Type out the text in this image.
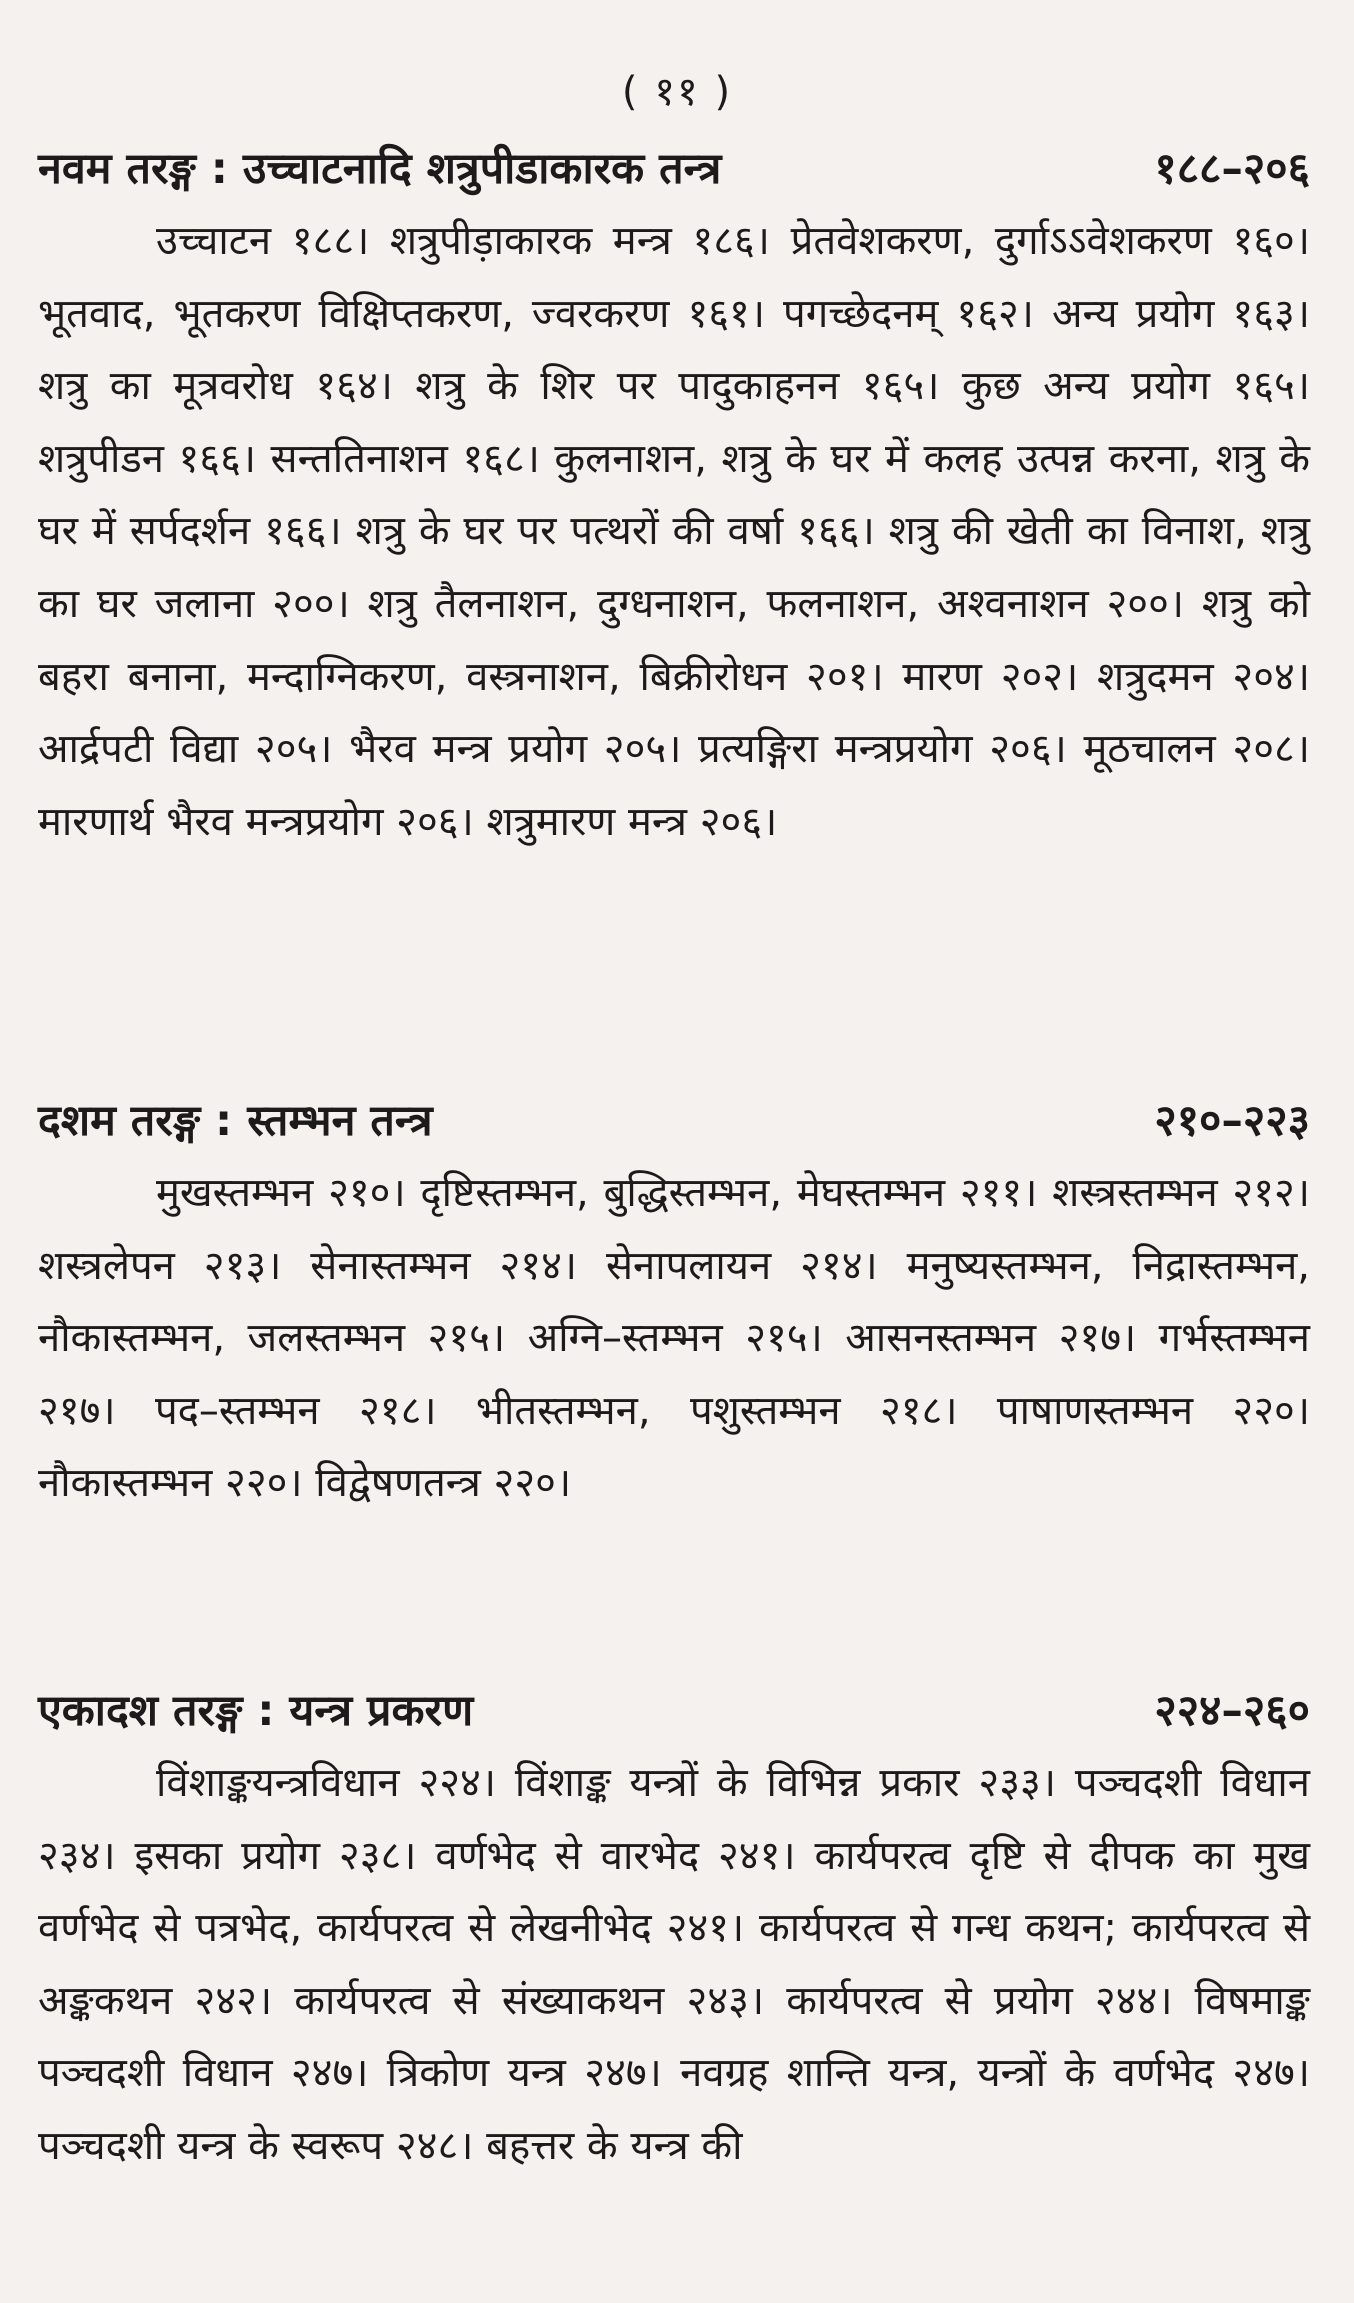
( ११ )
नवम तरङ्ग : उच्चाटनादि शत्रुपीडाकारक तन्त्र	१८८–२०६

उच्चाटन १८८। शत्रुपीड़ाकारक मन्त्र १८६। प्रेतवेशकरण, दुर्गाऽऽवेशकरण १६०। भूतवाद, भूतकरण विक्षिप्तकरण, ज्वरकरण १६१। पगच्छेदनम् १६२। अन्य प्रयोग १६३। शत्रु का मूत्रवरोध १६४। शत्रु के शिर पर पादुकाहनन १६५। कुछ अन्य प्रयोग १६५। शत्रुपीडन १६६। सन्ततिनाशन १६८। कुलनाशन, शत्रु के घर में कलह उत्पन्न करना, शत्रु के घर में सर्पदर्शन १६६। शत्रु के घर पर पत्थरों की वर्षा १६६। शत्रु की खेती का विनाश, शत्रु का घर जलाना २००। शत्रु तैलनाशन, दुग्धनाशन, फलनाशन, अश्वनाशन २००। शत्रु को बहरा बनाना, मन्दाग्निकरण, वस्त्रनाशन, बिक्रीरोधन २०१। मारण २०२। शत्रुदमन २०४। आर्द्रपटी विद्या २०५। भैरव मन्त्र प्रयोग २०५। प्रत्यङ्गिरा मन्त्रप्रयोग २०६। मूठचालन २०८। मारणार्थ भैरव मन्त्रप्रयोग २०६। शत्रुमारण मन्त्र २०६।

दशम तरङ्ग : स्तम्भन तन्त्र	२१०–२२३

मुखस्तम्भन २१०। दृष्टिस्तम्भन, बुद्धिस्तम्भन, मेघस्तम्भन २११। शस्त्रस्तम्भन २१२। शस्त्रलेपन २१३। सेनास्तम्भन २१४। सेनापलायन २१४। मनुष्यस्तम्भन, निद्रास्तम्भन, नौकास्तम्भन, जलस्तम्भन २१५। अग्नि–स्तम्भन २१५। आसनस्तम्भन २१७। गर्भस्तम्भन २१७। पद–स्तम्भन २१८। भीतस्तम्भन, पशुस्तम्भन २१८। पाषाणस्तम्भन २२०। नौकास्तम्भन २२०। विद्वेषणतन्त्र २२०।

एकादश तरङ्ग : यन्त्र प्रकरण	२२४–२६०

विंशाङ्कयन्त्रविधान २२४। विंशाङ्क यन्त्रों के विभिन्न प्रकार २३३। पञ्चदशी विधान २३४। इसका प्रयोग २३८। वर्णभेद से वारभेद २४१। कार्यपरत्व दृष्टि से दीपक का मुख वर्णभेद से पत्रभेद, कार्यपरत्व से लेखनीभेद २४१। कार्यपरत्व से गन्ध कथन; कार्यपरत्व से अङ्ककथन २४२। कार्यपरत्व से संख्याकथन २४३। कार्यपरत्व से प्रयोग २४४। विषमाङ्क पञ्चदशी विधान २४७। त्रिकोण यन्त्र २४७। नवग्रह शान्ति यन्त्र, यन्त्रों के वर्णभेद २४७। पञ्चदशी यन्त्र के स्वरूप २४८। बहत्तर के यन्त्र की
